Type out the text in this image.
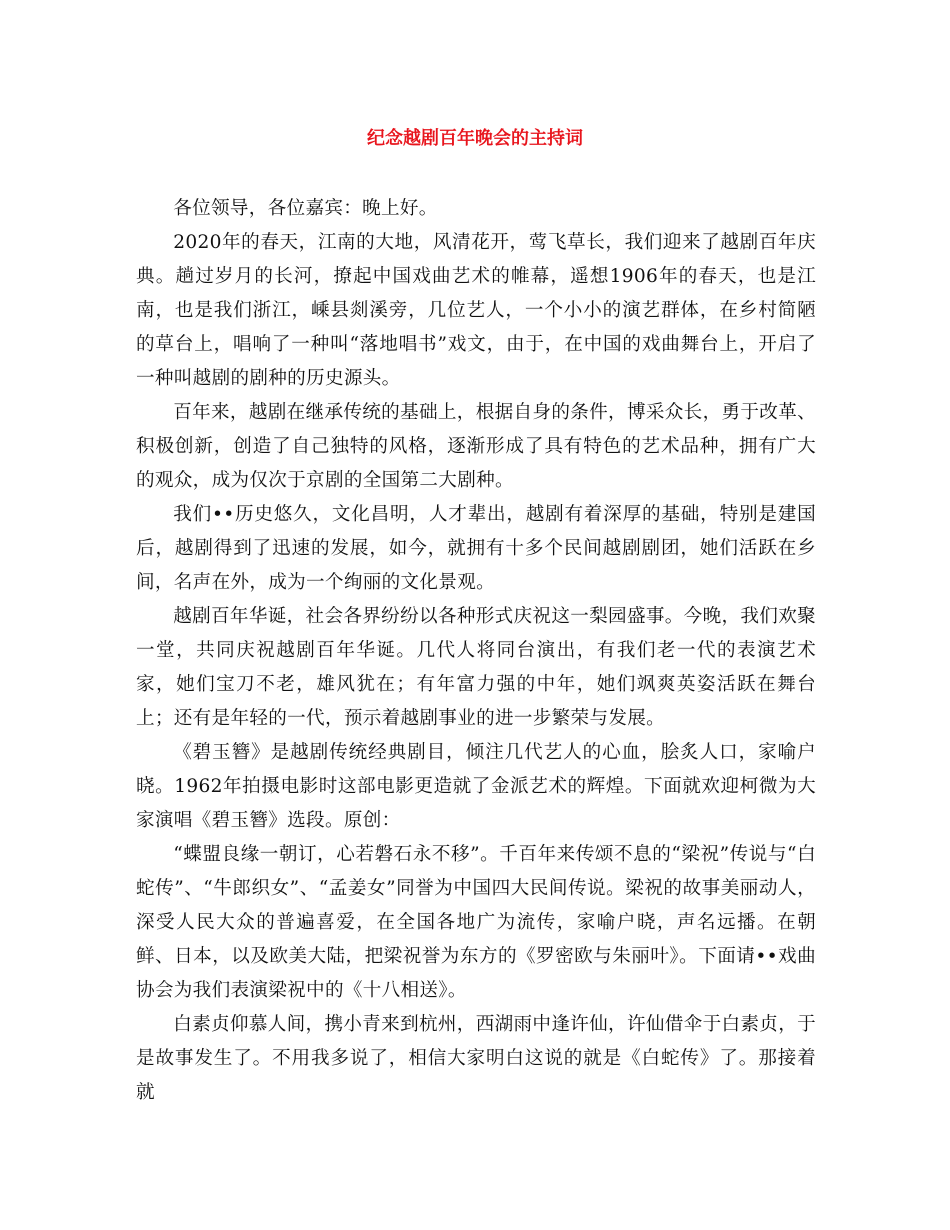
纪念越剧百年晚会的主持词

各位领导，各位嘉宾：晚上好。

2020年的春天，江南的大地，风清花开，莺飞草长，我们迎来了越剧百年庆典。趟过岁月的长河，撩起中国戏曲艺术的帷幕，遥想1906年的春天，也是江南，也是我们浙江，嵊县剡溪旁，几位艺人，一个小小的演艺群体，在乡村简陋的草台上，唱响了一种叫“落地唱书”戏文，由于，在中国的戏曲舞台上，开启了一种叫越剧的剧种的历史源头。

百年来，越剧在继承传统的基础上，根据自身的条件，博采众长，勇于改革、积极创新，创造了自己独特的风格，逐渐形成了具有特色的艺术品种，拥有广大的观众，成为仅次于京剧的全国第二大剧种。

我们••历史悠久，文化昌明，人才辈出，越剧有着深厚的基础，特别是建国后，越剧得到了迅速的发展，如今，就拥有十多个民间越剧剧团，她们活跃在乡间，名声在外，成为一个绚丽的文化景观。

越剧百年华诞，社会各界纷纷以各种形式庆祝这一梨园盛事。今晚，我们欢聚一堂，共同庆祝越剧百年华诞。几代人将同台演出，有我们老一代的表演艺术家，她们宝刀不老，雄风犹在；有年富力强的中年，她们飒爽英姿活跃在舞台上；还有是年轻的一代，预示着越剧事业的进一步繁荣与发展。

《碧玉簪》是越剧传统经典剧目，倾注几代艺人的心血，脍炙人口，家喻户晓。1962年拍摄电影时这部电影更造就了金派艺术的辉煌。下面就欢迎柯微为大家演唱《碧玉簪》选段。原创：

“蝶盟良缘一朝订，心若磐石永不移”。千百年来传颂不息的“梁祝”传说与“白蛇传”、“牛郎织女”、“孟姜女”同誉为中国四大民间传说。梁祝的故事美丽动人，深受人民大众的普遍喜爱，在全国各地广为流传，家喻户晓，声名远播。在朝鲜、日本，以及欧美大陆，把梁祝誉为东方的《罗密欧与朱丽叶》。下面请••戏曲协会为我们表演梁祝中的《十八相送》。

白素贞仰慕人间，携小青来到杭州，西湖雨中逢许仙，许仙借伞于白素贞，于是故事发生了。不用我多说了，相信大家明白这说的就是《白蛇传》了。那接着就
